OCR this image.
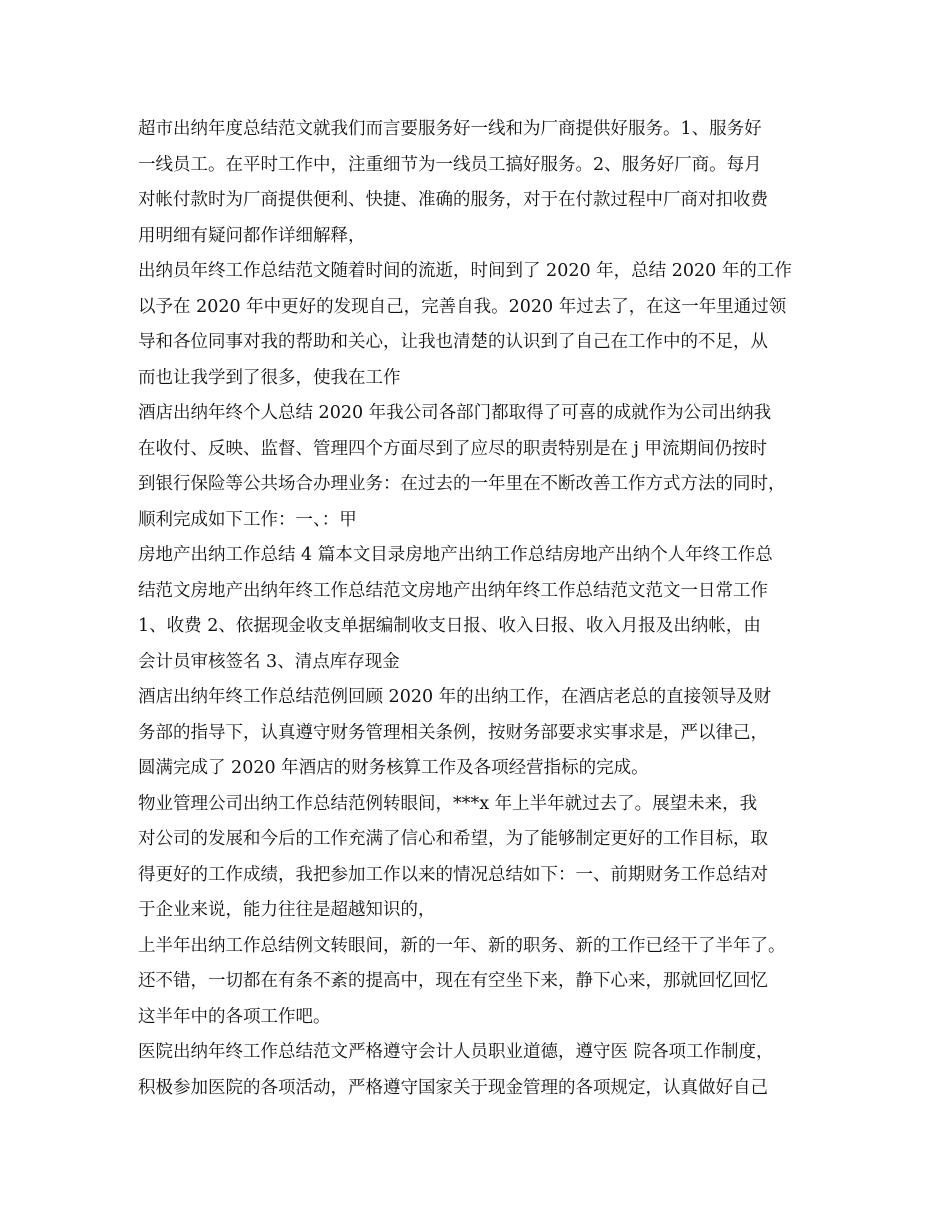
超市出纳年度总结范文就我们而言要服务好一线和为厂商提供好服务。1、服务好
一线员工。在平时工作中，注重细节为一线员工搞好服务。2、服务好厂商。每月
对帐付款时为厂商提供便利、快捷、准确的服务，对于在付款过程中厂商对扣收费
用明细有疑问都作详细解释，

出纳员年终工作总结范文随着时间的流逝，时间到了 2020 年，总结 2020 年的工作
以予在 2020 年中更好的发现自己，完善自我。2020 年过去了，在这一年里通过领
导和各位同事对我的帮助和关心，让我也清楚的认识到了自己在工作中的不足，从
而也让我学到了很多，使我在工作

酒店出纳年终个人总结 2020 年我公司各部门都取得了可喜的成就作为公司出纳我
在收付、反映、监督、管理四个方面尽到了应尽的职责特别是在 j 甲流期间仍按时
到银行保险等公共场合办理业务：在过去的一年里在不断改善工作方式方法的同时，
顺利完成如下工作：一、：甲

房地产出纳工作总结 4 篇本文目录房地产出纳工作总结房地产出纳个人年终工作总
结范文房地产出纳年终工作总结范文房地产出纳年终工作总结范文范文一日常工作
1、收费 2、依据现金收支单据编制收支日报、收入日报、收入月报及出纳帐，由
会计员审核签名 3、清点库存现金

酒店出纳年终工作总结范例回顾 2020 年的出纳工作，在酒店老总的直接领导及财
务部的指导下，认真遵守财务管理相关条例，按财务部要求实事求是，严以律己，
圆满完成了 2020 年酒店的财务核算工作及各项经营指标的完成。

物业管理公司出纳工作总结范例转眼间，***x 年上半年就过去了。展望未来，我
对公司的发展和今后的工作充满了信心和希望，为了能够制定更好的工作目标，取
得更好的工作成绩，我把参加工作以来的情况总结如下：一、前期财务工作总结对
于企业来说，能力往往是超越知识的，

上半年出纳工作总结例文转眼间，新的一年、新的职务、新的工作已经干了半年了。
还不错，一切都在有条不紊的提高中，现在有空坐下来，静下心来，那就回忆回忆
这半年中的各项工作吧。

医院出纳年终工作总结范文严格遵守会计人员职业道德，遵守医 院各项工作制度，
积极参加医院的各项活动，严格遵守国家关于现金管理的各项规定，认真做好自己
